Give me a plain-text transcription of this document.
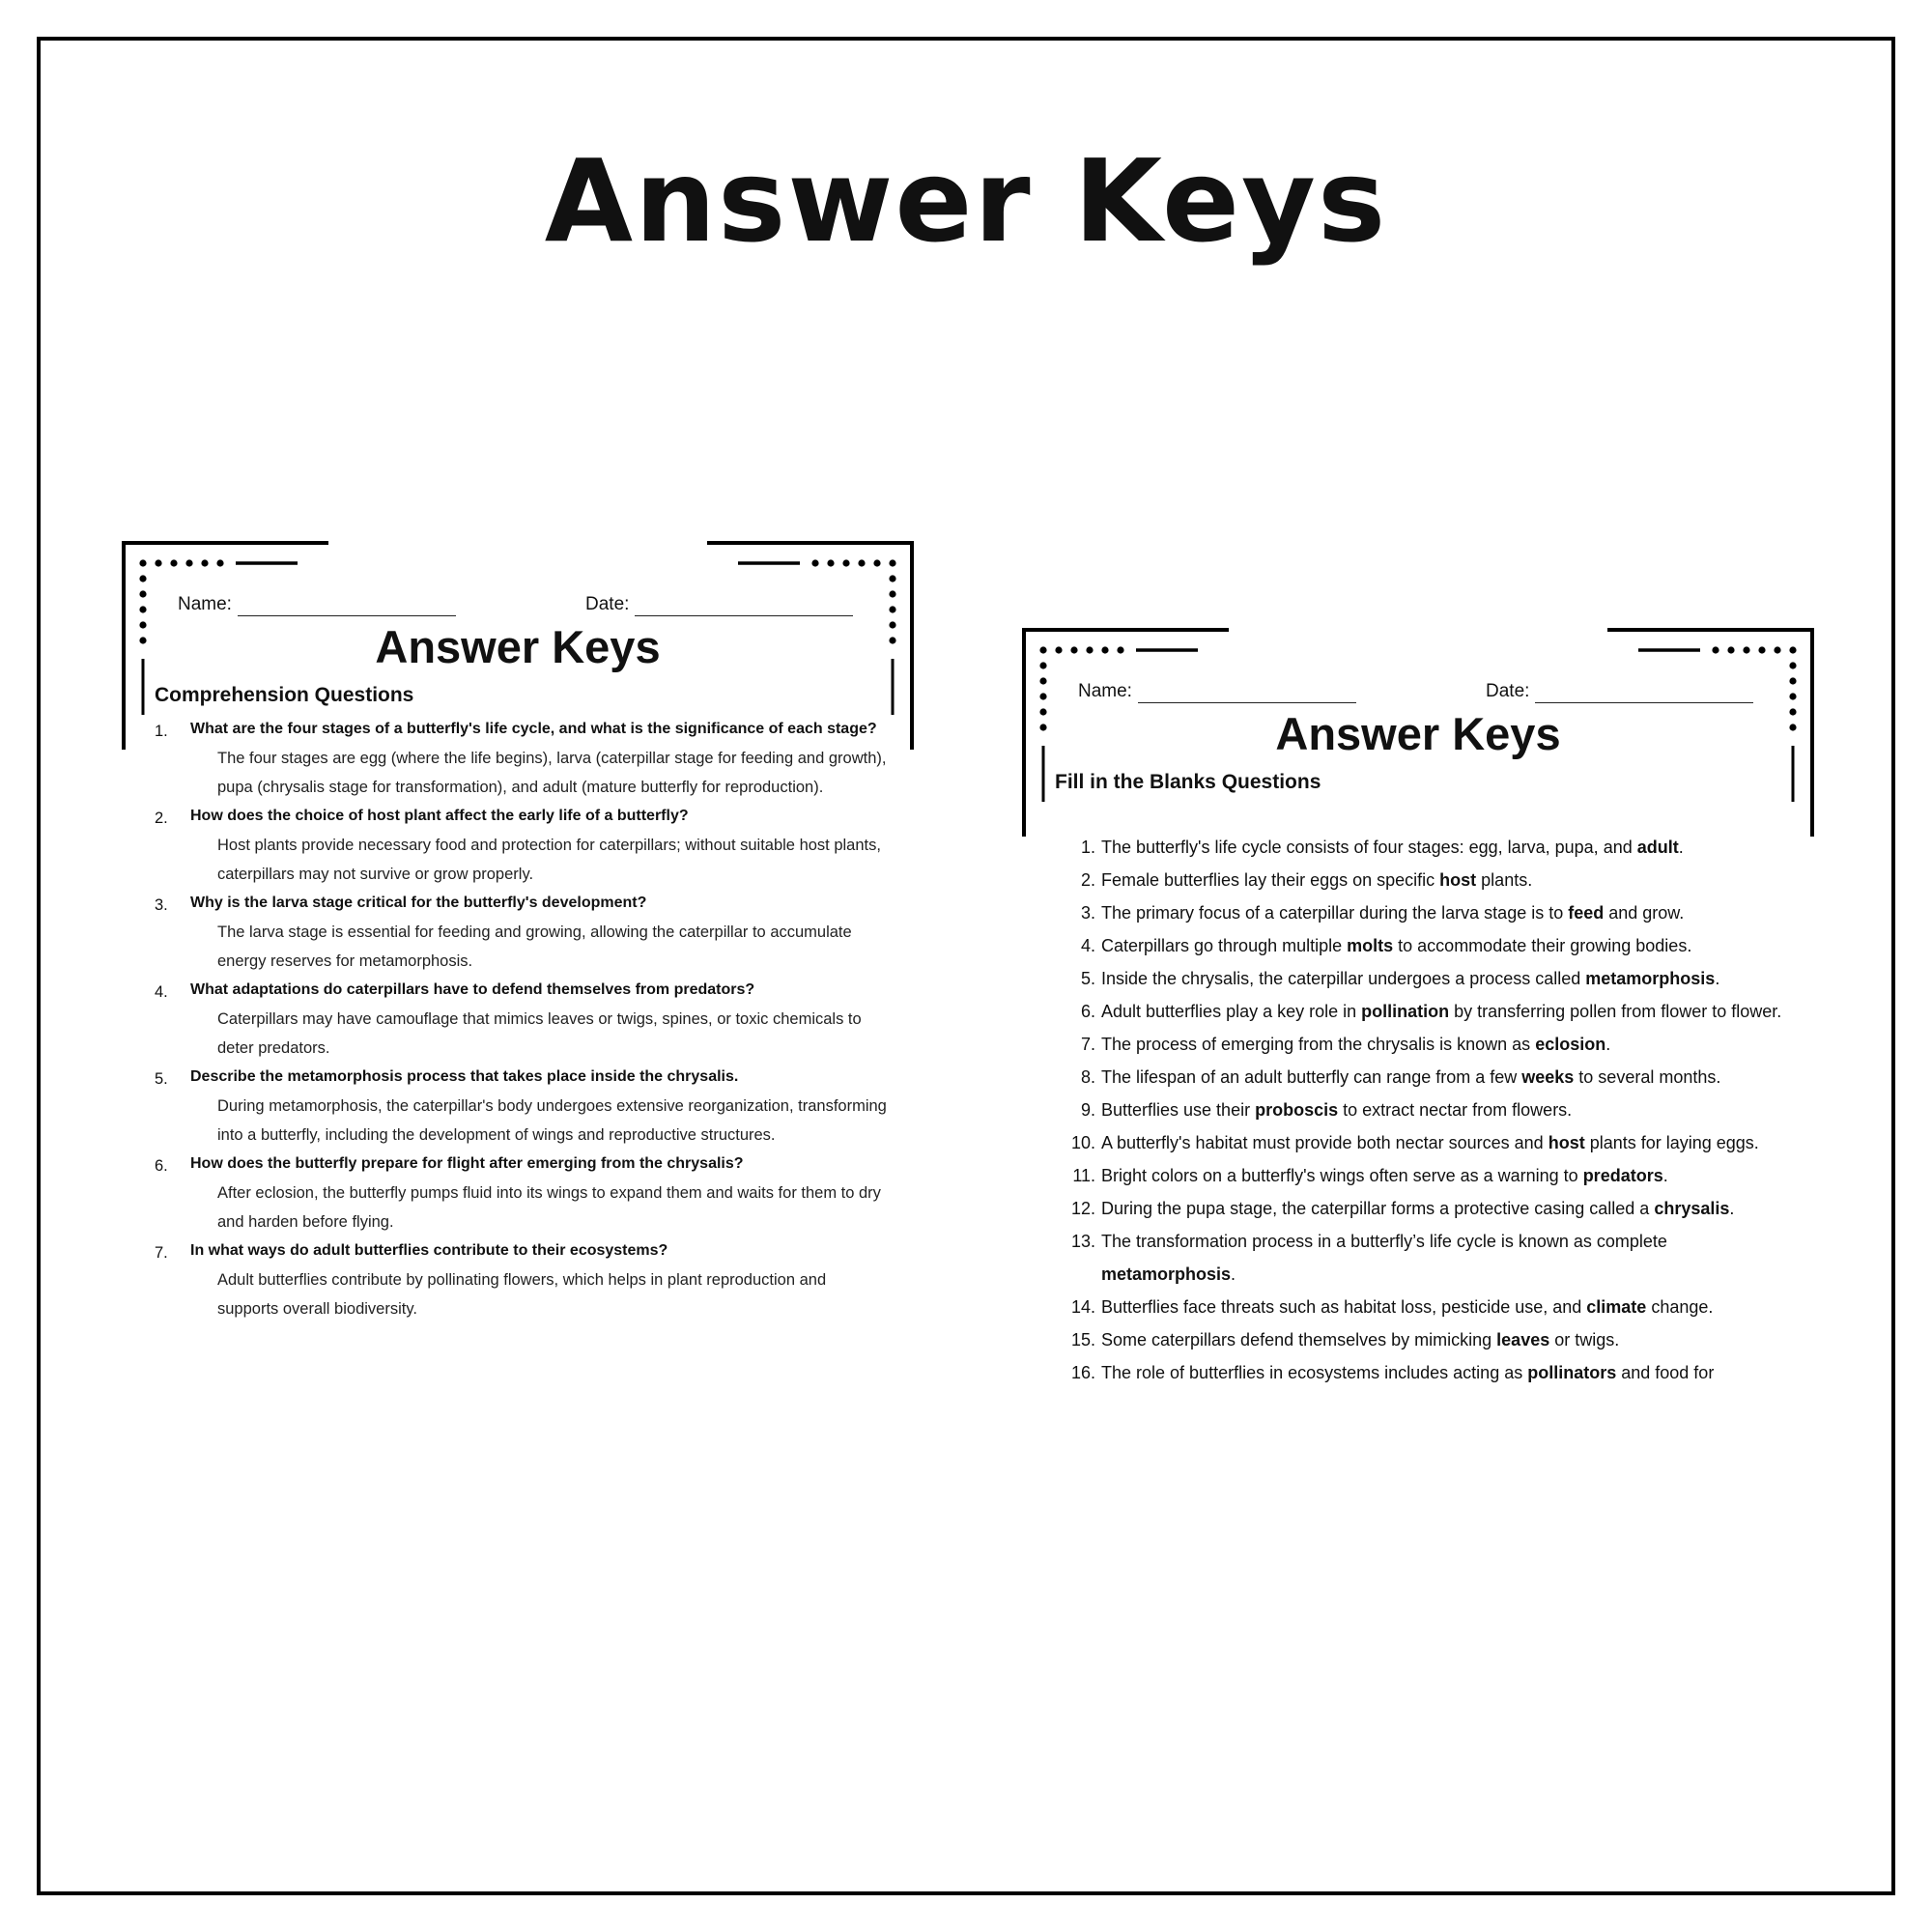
Answer Keys
Name:	Date:
Answer Keys
Comprehension Questions
1.	What are the four stages of a butterfly's life cycle, and what is the significance of each stage?
The four stages are egg (where the life begins), larva (caterpillar stage for feeding and growth), pupa (chrysalis stage for transformation), and adult (mature butterfly for reproduction).
2.	How does the choice of host plant affect the early life of a butterfly?
Host plants provide necessary food and protection for caterpillars; without suitable host plants, caterpillars may not survive or grow properly.
3.	Why is the larva stage critical for the butterfly's development?
The larva stage is essential for feeding and growing, allowing the caterpillar to accumulate energy reserves for metamorphosis.
4.	What adaptations do caterpillars have to defend themselves from predators?
Caterpillars may have camouflage that mimics leaves or twigs, spines, or toxic chemicals to deter predators.
5.	Describe the metamorphosis process that takes place inside the chrysalis.
During metamorphosis, the caterpillar's body undergoes extensive reorganization, transforming into a butterfly, including the development of wings and reproductive structures.
6.	How does the butterfly prepare for flight after emerging from the chrysalis?
After eclosion, the butterfly pumps fluid into its wings to expand them and waits for them to dry and harden before flying.
7.	In what ways do adult butterflies contribute to their ecosystems?
Adult butterflies contribute by pollinating flowers, which helps in plant reproduction and supports overall biodiversity.
Name:	Date:
Answer Keys
Fill in the Blanks Questions
1. The butterfly's life cycle consists of four stages: egg, larva, pupa, and adult.
2. Female butterflies lay their eggs on specific host plants.
3. The primary focus of a caterpillar during the larva stage is to feed and grow.
4. Caterpillars go through multiple molts to accommodate their growing bodies.
5. Inside the chrysalis, the caterpillar undergoes a process called metamorphosis.
6. Adult butterflies play a key role in pollination by transferring pollen from flower to flower.
7. The process of emerging from the chrysalis is known as eclosion.
8. The lifespan of an adult butterfly can range from a few weeks to several months.
9. Butterflies use their proboscis to extract nectar from flowers.
10. A butterfly's habitat must provide both nectar sources and host plants for laying eggs.
11. Bright colors on a butterfly's wings often serve as a warning to predators.
12. During the pupa stage, the caterpillar forms a protective casing called a chrysalis.
13. The transformation process in a butterfly’s life cycle is known as complete metamorphosis.
14. Butterflies face threats such as habitat loss, pesticide use, and climate change.
15. Some caterpillars defend themselves by mimicking leaves or twigs.
16. The role of butterflies in ecosystems includes acting as pollinators and food for
